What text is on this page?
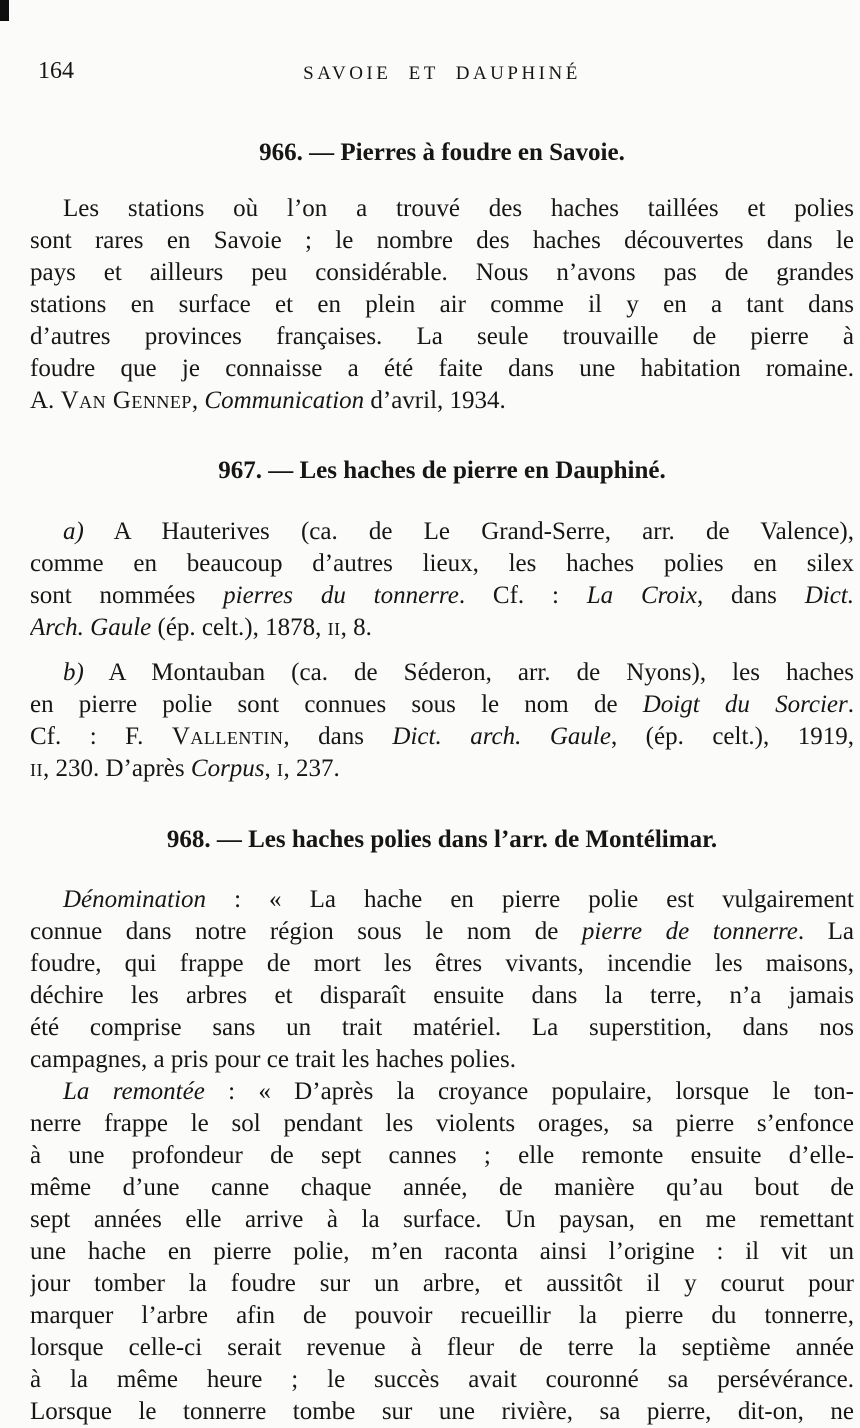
164	SAVOIE ET DAUPHINÉ
966. — Pierres à foudre en Savoie.
Les stations où l’on a trouvé des haches taillées et polies
sont rares en Savoie ; le nombre des haches découvertes dans le
pays et ailleurs peu considérable. Nous n’avons pas de grandes
stations en surface et en plein air comme il y en a tant dans
d’autres provinces françaises. La seule trouvaille de pierre à
foudre que je connaisse a été faite dans une habitation romaine.
A. Van Gennep, Communication d’avril, 1934.
967. — Les haches de pierre en Dauphiné.
a) A Hauterives (ca. de Le Grand-Serre, arr. de Valence),
comme en beaucoup d’autres lieux, les haches polies en silex
sont nommées pierres du tonnerre. Cf. : La Croix, dans Dict.
Arch. Gaule (ép. celt.), 1878, ii, 8.
b) A Montauban (ca. de Séderon, arr. de Nyons), les haches
en pierre polie sont connues sous le nom de Doigt du Sorcier.
Cf. : F. Vallentin, dans Dict. arch. Gaule, (ép. celt.), 1919,
ii, 230. D’après Corpus, i, 237.
968. — Les haches polies dans l’arr. de Montélimar.
Dénomination : « La hache en pierre polie est vulgairement
connue dans notre région sous le nom de pierre de tonnerre. La
foudre, qui frappe de mort les êtres vivants, incendie les maisons,
déchire les arbres et disparaît ensuite dans la terre, n’a jamais
été comprise sans un trait matériel. La superstition, dans nos
campagnes, a pris pour ce trait les haches polies.
La remontée : « D’après la croyance populaire, lorsque le ton-
nerre frappe le sol pendant les violents orages, sa pierre s’enfonce
à une profondeur de sept cannes ; elle remonte ensuite d’elle-
même d’une canne chaque année, de manière qu’au bout de
sept années elle arrive à la surface. Un paysan, en me remettant
une hache en pierre polie, m’en raconta ainsi l’origine : il vit un
jour tomber la foudre sur un arbre, et aussitôt il y courut pour
marquer l’arbre afin de pouvoir recueillir la pierre du tonnerre,
lorsque celle-ci serait revenue à fleur de terre la septième année
à la même heure ; le succès avait couronné sa persévérance.
Lorsque le tonnerre tombe sur une rivière, sa pierre, dit-on, ne
